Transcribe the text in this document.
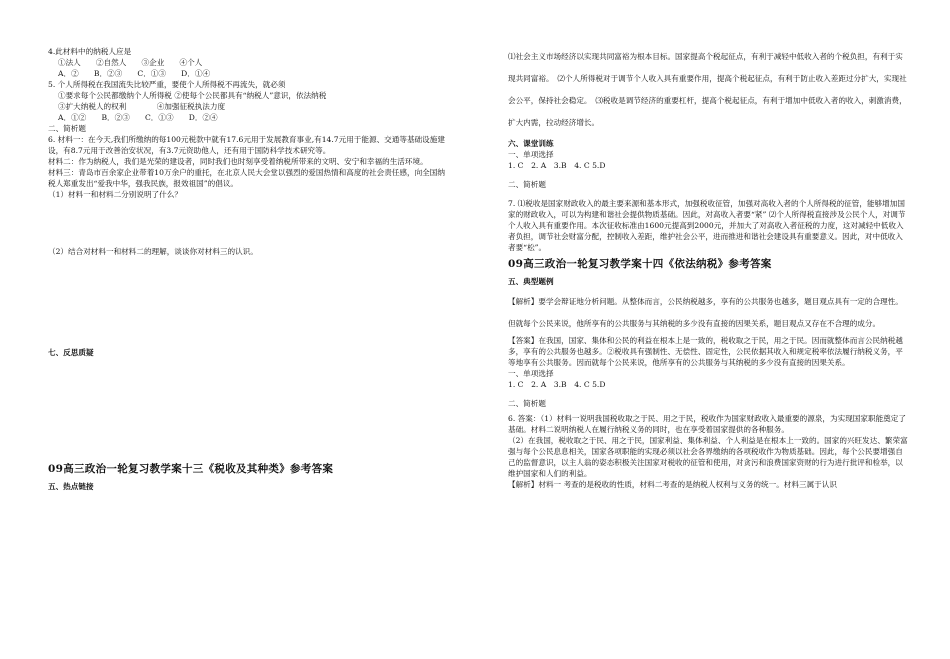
4.此材料中的纳税人应是
①法人　　②自然人　　③企业　　④个人
A．②　　B．②③　　C．①③　　D．①④
5. 个人所得税在我国流失比较严重，要使个人所得税不再流失，就必须
①要求每个公民都缴纳个人所得税 ②使每个公民都具有“纳税人”意识，依法纳税
③扩大纳税人的权利　　　　④加强征税执法力度
A．①②　　B．②③　　C．①③　　D．②④
二、简析题
6. 材料一：在今天,我们所缴纳的每100元税款中就有17.6元用于发展教育事业,有14.7元用于能源、交通等基础设施建设，有8.7元用于改善治安状况，有3.7元资助他人，还有用于国防科学技术研究等。
材料二：作为纳税人，我们是光荣的建设者，同时我们也时刻享受着纳税所带来的文明、安宁和幸福的生活环境。
材料三：青岛市百余家企业带着10万余户的重托，在北京人民大会堂以强烈的爱国热情和高度的社会责任感，向全国纳税人郑重发出“爱我中华，强我民族，报效祖国”的倡议。
（1）材料一和材料二分别说明了什么？
（2）结合对材料一和材料二的理解，谈谈你对材料三的认识。
七、反思质疑
09高三政治一轮复习教学案十三《税收及其种类》参考答案
五、热点链接
⑴社会主义市场经济以实现共同富裕为根本目标。国家提高个税起征点，有利于减轻中低收入者的个税负担，有利于实现共同富裕。　⑵个人所得税对于调节个人收入具有重要作用，提高个税起征点，有利于防止收入差距过分扩大，实现社会公平，保持社会稳定。　⑶税收是调节经济的重要杠杆，提高个税起征点，有利于增加中低收入者的收入，刺激消费，扩大内需，拉动经济增长。
六、课堂训练
一、单项选择
1. C　2. A　3.B　4. C 5.D
二、简析题
7. ⑴税收是国家财政收入的最主要来源和基本形式，加强税收征管，加强对高收入者的个人所得税的征管，能够增加国家的财政收入，可以为构建和谐社会提供物质基础。因此，对高收入者要“紧” ⑵个人所得税直接涉及公民个人，对调节个人收入具有重要作用。本次征收标准由1600元提高到2000元，并加大了对高收入者征税的力度，这对减轻中低收入者负担，调节社会财富分配，控制收入差距，维护社会公平，进而推进和谐社会建设具有重要意义。因此，对中低收入者要“松”。
09高三政治一轮复习教学案十四《依法纳税》参考答案
五、典型题例
【解析】要学会辩证地分析问题。从整体而言，公民纳税越多，享有的公共服务也越多，题目观点具有一定的合理性。但就每个公民来说，他所享有的公共服务与其纳税的多少没有直接的因果关系，题目观点又存在不合理的成分。
【答案】在我国，国家、集体和公民的利益在根本上是一致的，税收取之于民，用之于民。因而就整体而言公民纳税越多，享有的公共服务也越多。②税收具有强制性、无偿性、固定性，公民依据其收入和规定税率依法履行纳税义务，平等地享有公共服务。因而就每个公民来说，他所享有的公共服务与其纳税的多少没有直接的因果关系。
一、单项选择
1. C　2. A　3.B　4. C 5.D
二、简析题
6. 答案：（1）材料一说明我国税收取之于民、用之于民，税收作为国家财政收入最重要的源泉，为实现国家职能奠定了基础。材料二说明纳税人在履行纳税义务的同时，也在享受着国家提供的各种服务。
（2）在我国，税收取之于民、用之于民，国家利益、集体利益、个人利益是在根本上一致的。国家的兴旺发达、繁荣富强与每个公民息息相关，国家各项职能的实现必须以社会各界缴纳的各项税收作为物质基础。因此，每个公民要增强自己的监督意识，以主人翁的姿态积极关注国家对税收的征管和使用，对贪污和浪费国家资财的行为进行批评和检举，以维护国家和人们的利益。
【解析】材料一 考查的是税收的性质，材料二考查的是纳税人权利与义务的统一。材料三属于认识
